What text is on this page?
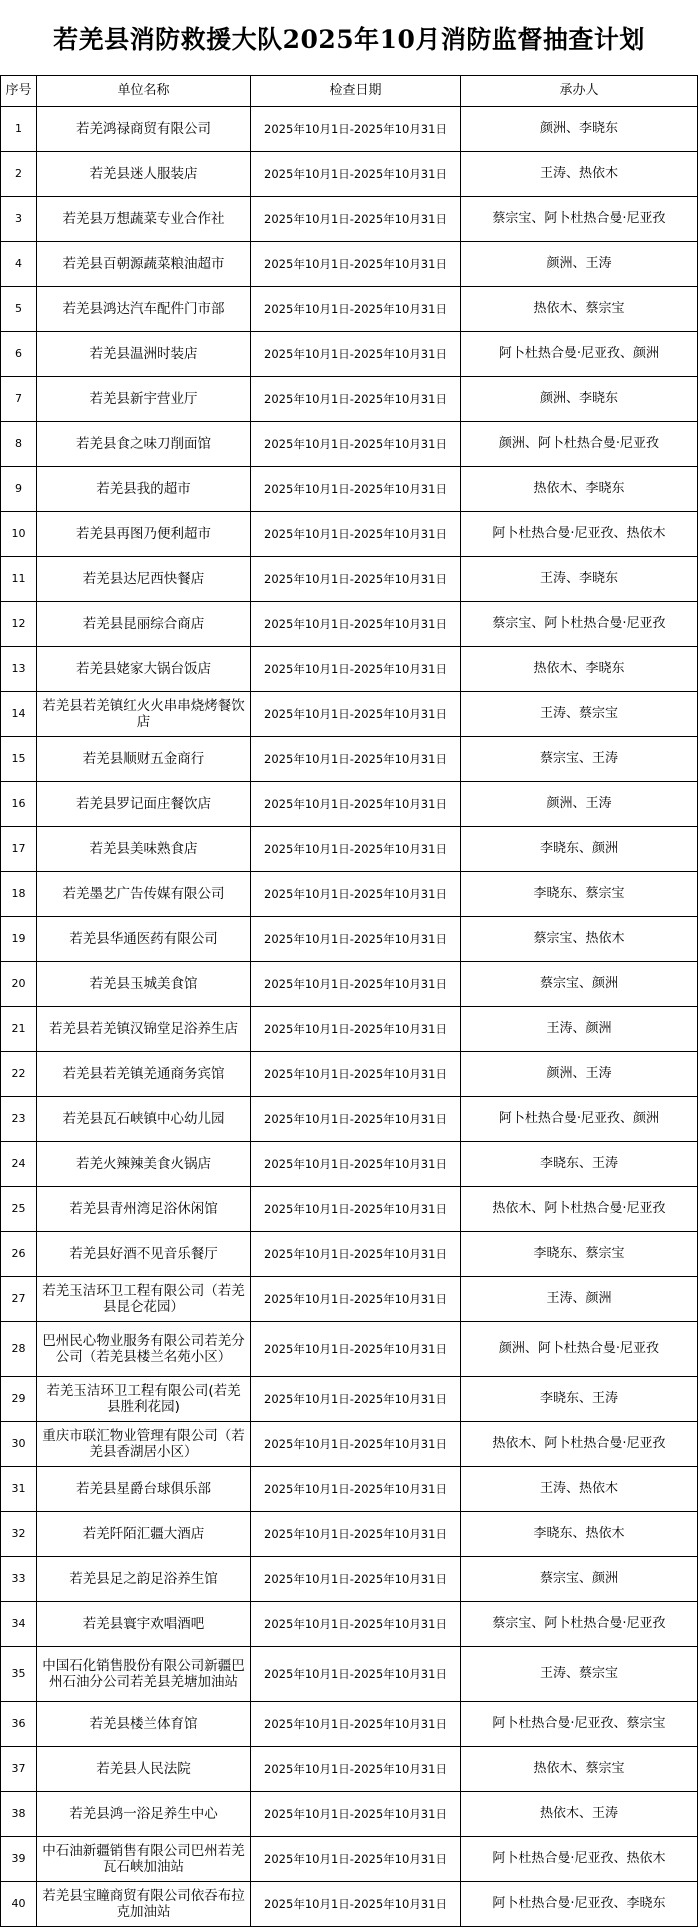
若羌县消防救援大队2025年10月消防监督抽查计划
序号	单位名称	检查日期	承办人
1	若羌鸿禄商贸有限公司	2025年10月1日-2025年10月31日	颜洲、李晓东
2	若羌县迷人服装店	2025年10月1日-2025年10月31日	王涛、热依木
3	若羌县万想蔬菜专业合作社	2025年10月1日-2025年10月31日	蔡宗宝、阿卜杜热合曼·尼亚孜
4	若羌县百朝源蔬菜粮油超市	2025年10月1日-2025年10月31日	颜洲、王涛
5	若羌县鸿达汽车配件门市部	2025年10月1日-2025年10月31日	热依木、蔡宗宝
6	若羌县温洲时装店	2025年10月1日-2025年10月31日	阿卜杜热合曼·尼亚孜、颜洲
7	若羌县新宇营业厅	2025年10月1日-2025年10月31日	颜洲、李晓东
8	若羌县食之味刀削面馆	2025年10月1日-2025年10月31日	颜洲、阿卜杜热合曼·尼亚孜
9	若羌县我的超市	2025年10月1日-2025年10月31日	热依木、李晓东
10	若羌县再图乃便利超市	2025年10月1日-2025年10月31日	阿卜杜热合曼·尼亚孜、热依木
11	若羌县达尼西快餐店	2025年10月1日-2025年10月31日	王涛、李晓东
12	若羌县昆丽综合商店	2025年10月1日-2025年10月31日	蔡宗宝、阿卜杜热合曼·尼亚孜
13	若羌县姥家大锅台饭店	2025年10月1日-2025年10月31日	热依木、李晓东
14	若羌县若羌镇红火火串串烧烤餐饮店	2025年10月1日-2025年10月31日	王涛、蔡宗宝
15	若羌县顺财五金商行	2025年10月1日-2025年10月31日	蔡宗宝、王涛
16	若羌县罗记面庄餐饮店	2025年10月1日-2025年10月31日	颜洲、王涛
17	若羌县美味熟食店	2025年10月1日-2025年10月31日	李晓东、颜洲
18	若羌墨艺广告传媒有限公司	2025年10月1日-2025年10月31日	李晓东、蔡宗宝
19	若羌县华通医药有限公司	2025年10月1日-2025年10月31日	蔡宗宝、热依木
20	若羌县玉城美食馆	2025年10月1日-2025年10月31日	蔡宗宝、颜洲
21	若羌县若羌镇汉锦堂足浴养生店	2025年10月1日-2025年10月31日	王涛、颜洲
22	若羌县若羌镇羌通商务宾馆	2025年10月1日-2025年10月31日	颜洲、王涛
23	若羌县瓦石峡镇中心幼儿园	2025年10月1日-2025年10月31日	阿卜杜热合曼·尼亚孜、颜洲
24	若羌火辣辣美食火锅店	2025年10月1日-2025年10月31日	李晓东、王涛
25	若羌县青州湾足浴休闲馆	2025年10月1日-2025年10月31日	热依木、阿卜杜热合曼·尼亚孜
26	若羌县好酒不见音乐餐厅	2025年10月1日-2025年10月31日	李晓东、蔡宗宝
27	若羌玉洁环卫工程有限公司（若羌县昆仑花园）	2025年10月1日-2025年10月31日	王涛、颜洲
28	巴州民心物业服务有限公司若羌分公司（若羌县楼兰名苑小区）	2025年10月1日-2025年10月31日	颜洲、阿卜杜热合曼·尼亚孜
29	若羌玉洁环卫工程有限公司(若羌县胜利花园)	2025年10月1日-2025年10月31日	李晓东、王涛
30	重庆市联汇物业管理有限公司（若羌县香湖居小区）	2025年10月1日-2025年10月31日	热依木、阿卜杜热合曼·尼亚孜
31	若羌县星爵台球俱乐部	2025年10月1日-2025年10月31日	王涛、热依木
32	若羌阡陌汇疆大酒店	2025年10月1日-2025年10月31日	李晓东、热依木
33	若羌县足之韵足浴养生馆	2025年10月1日-2025年10月31日	蔡宗宝、颜洲
34	若羌县寰宇欢唱酒吧	2025年10月1日-2025年10月31日	蔡宗宝、阿卜杜热合曼·尼亚孜
35	中国石化销售股份有限公司新疆巴州石油分公司若羌县羌塘加油站	2025年10月1日-2025年10月31日	王涛、蔡宗宝
36	若羌县楼兰体育馆	2025年10月1日-2025年10月31日	阿卜杜热合曼·尼亚孜、蔡宗宝
37	若羌县人民法院	2025年10月1日-2025年10月31日	热依木、蔡宗宝
38	若羌县鸿一浴足养生中心	2025年10月1日-2025年10月31日	热依木、王涛
39	中石油新疆销售有限公司巴州若羌瓦石峡加油站	2025年10月1日-2025年10月31日	阿卜杜热合曼·尼亚孜、热依木
40	若羌县宝瞳商贸有限公司依吞布拉克加油站	2025年10月1日-2025年10月31日	阿卜杜热合曼·尼亚孜、李晓东
